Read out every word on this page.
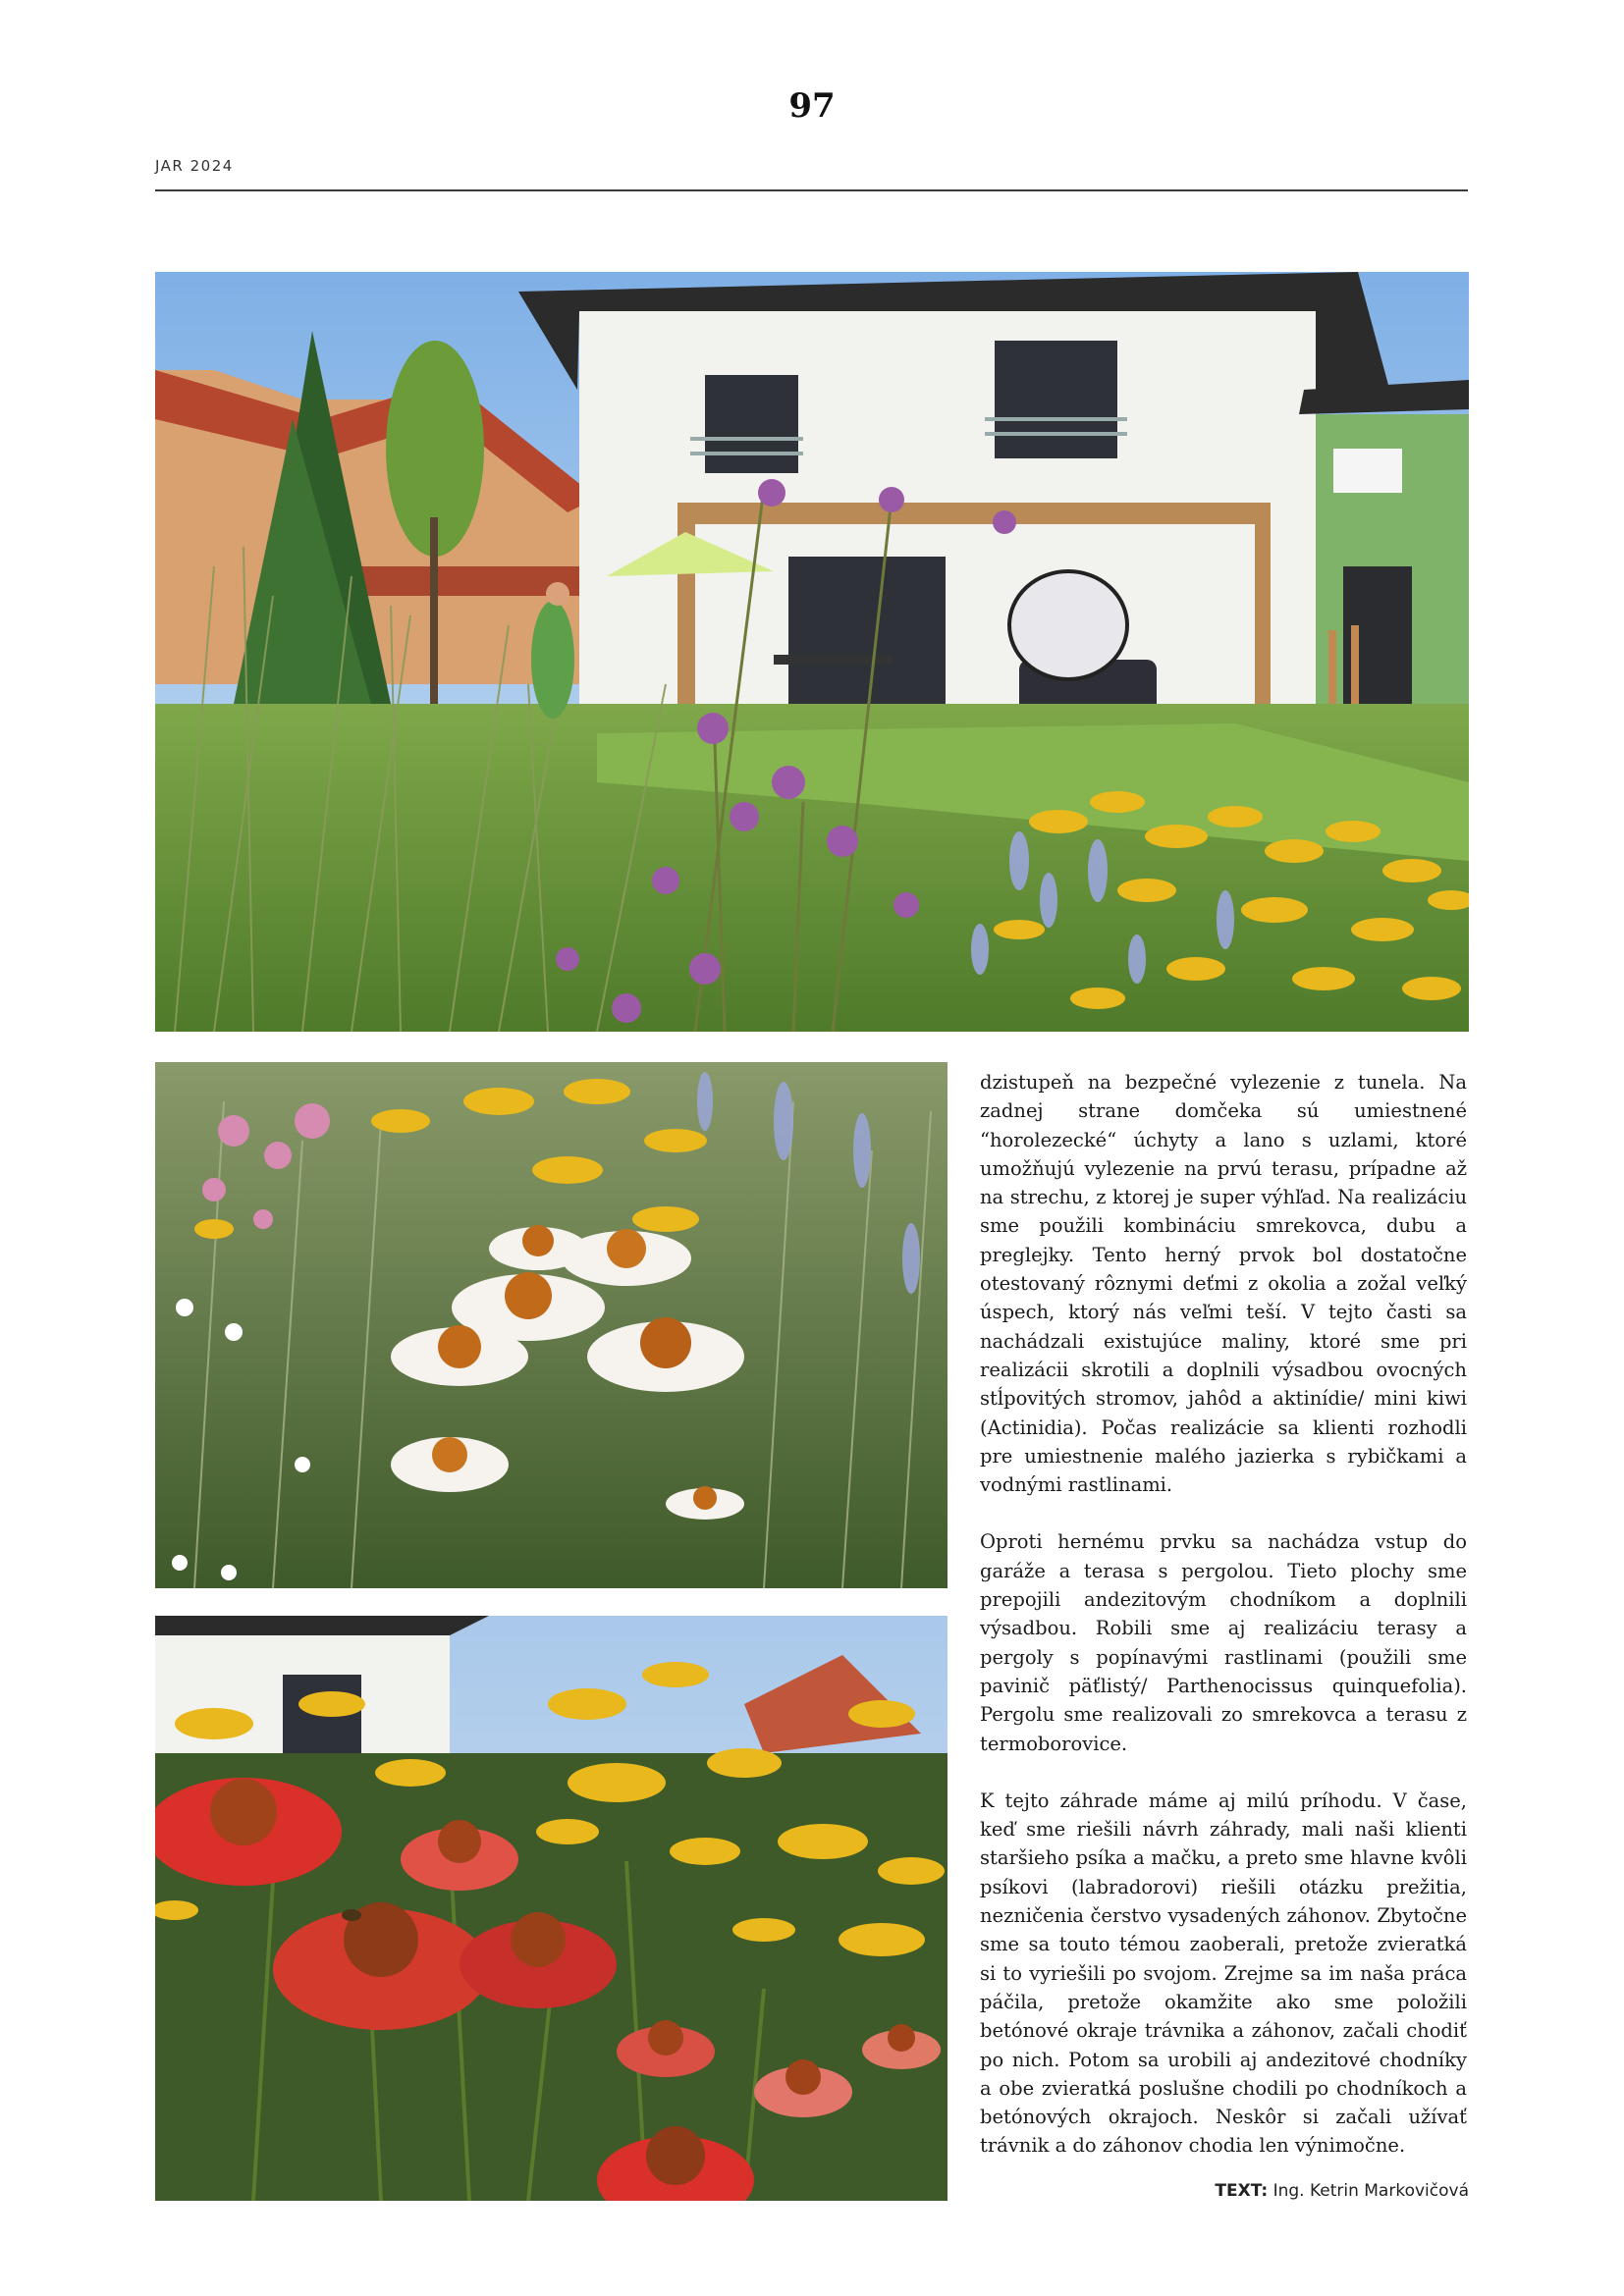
97
JAR 2024

dzistupeň na bezpečné vylezenie z tunela. Na zadnej strane domčeka sú umiestnené “horolezecké“ úchyty a lano s uzlami, ktoré umožňujú vylezenie na prvú terasu, prípadne až na strechu, z ktorej je super výhľad. Na realizáciu sme použili kombináciu smrekovca, dubu a preglejky. Tento herný prvok bol dostatočne otestovaný rôznymi deťmi z okolia a zožal veľký úspech, ktorý nás veľmi teší. V tejto časti sa nachádzali existujúce maliny, ktoré sme pri realizácii skrotili a doplnili výsadbou ovocných stĺpovitých stromov, jahôd a aktinídie/ mini kiwi (Actinidia). Počas realizácie sa klienti rozhodli pre umiestnenie malého jazierka s rybičkami a vodnými rastlinami.

Oproti hernému prvku sa nachádza vstup do garáže a terasa s pergolou. Tieto plochy sme prepojili andezitovým chodníkom a doplnili výsadbou. Robili sme aj realizáciu terasy a pergoly s popínavými rastlinami (použili sme pavinič päťlistý/ Parthenocissus quinquefolia). Pergolu sme realizovali zo smrekovca a terasu z termoborovice.

K tejto záhrade máme aj milú príhodu. V čase, keď sme riešili návrh záhrady, mali naši klienti staršieho psíka a mačku, a preto sme hlavne kvôli psíkovi (labradorovi) riešili otázku prežitia, nezničenia čerstvo vysadených záhonov. Zbytočne sme sa touto témou zaoberali, pretože zvieratká si to vyriešili po svojom. Zrejme sa im naša práca páčila, pretože okamžite ako sme položili betónové okraje trávnika a záhonov, začali chodiť po nich. Potom sa urobili aj andezitové chodníky a obe zvieratká poslušne chodili po chodníkoch a betónových okrajoch. Neskôr si začali užívať trávnik a do záhonov chodia len výnimočne.

TEXT: Ing. Ketrin Markovičová
